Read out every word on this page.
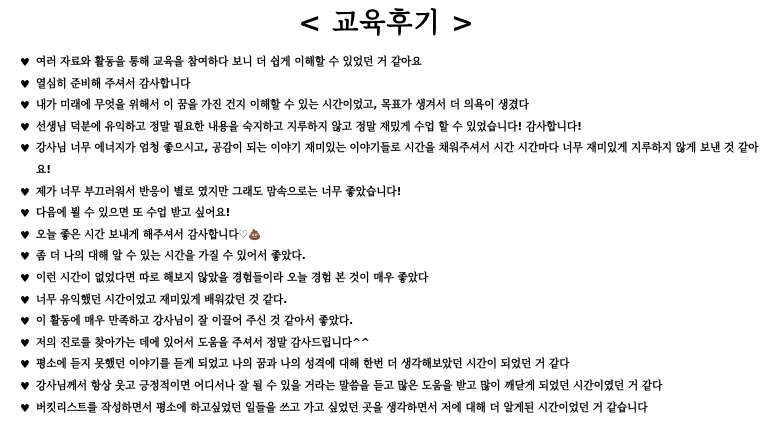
< 교육후기 >
♥ 여러 자료와 활동을 통해 교육을 참여하다 보니 더 쉽게 이해할 수 있었던 거 같아요
♥ 열심히 준비해 주셔서 감사합니다
♥ 내가 미래에 무엇을 위해서 이 꿈을 가진 건지 이해할 수 있는 시간이었고, 목표가 생겨서 더 의욕이 생겼다
♥ 선생님 덕분에 유익하고 정말 필요한 내용을 숙지하고 지루하지 않고 정말 재밌게 수업 할 수 있었습니다! 감사합니다!
♥ 강사님 너무 에너지가 엄청 좋으시고, 공감이 되는 이야기 재미있는 이야기들로 시간을 채워주셔서 시간 시간마다 너무 재미있게 지루하지 않게 보낸 것 같아요!
♥ 제가 너무 부끄러워서 반응이 별로 였지만 그래도 맘속으로는 너무 좋았습니다!
♥ 다음에 뵐 수 있으면 또 수업 받고 싶어요!
♥ 오늘 좋은 시간 보내게 해주셔서 감사합니다♡💩
♥ 좀 더 나의 대해 알 수 있는 시간을 가질 수 있어서 좋았다.
♥ 이런 시간이 없었다면 따로 해보지 않았을 경험들이라 오늘 경험 본 것이 매우 좋았다
♥ 너무 유익했던 시간이었고 재미있게 배워갔던 것 같다.
♥ 이 활동에 매우 만족하고 강사님이 잘 이끌어 주신 것 같아서 좋았다.
♥ 저의 진로를 찾아가는 데에 있어서 도움을 주셔서 정말 감사드립니다^^
♥ 평소에 듣지 못했던 이야기를 듣게 되었고 나의 꿈과 나의 성격에 대해 한번 더 생각해보았던 시간이 되었던 거 같다
♥ 강사님께서 항상 웃고 긍정적이면 어디서나 잘 될 수 있을 거라는 말씀을 듣고 많은 도움을 받고 많이 깨닫게 되었던 시간이였던 거 같다
♥ 버킷리스트를 작성하면서 평소에 하고싶었던 일들을 쓰고 가고 싶었던 곳을 생각하면서 저에 대해 더 알게된 시간이었던 거 같습니다
